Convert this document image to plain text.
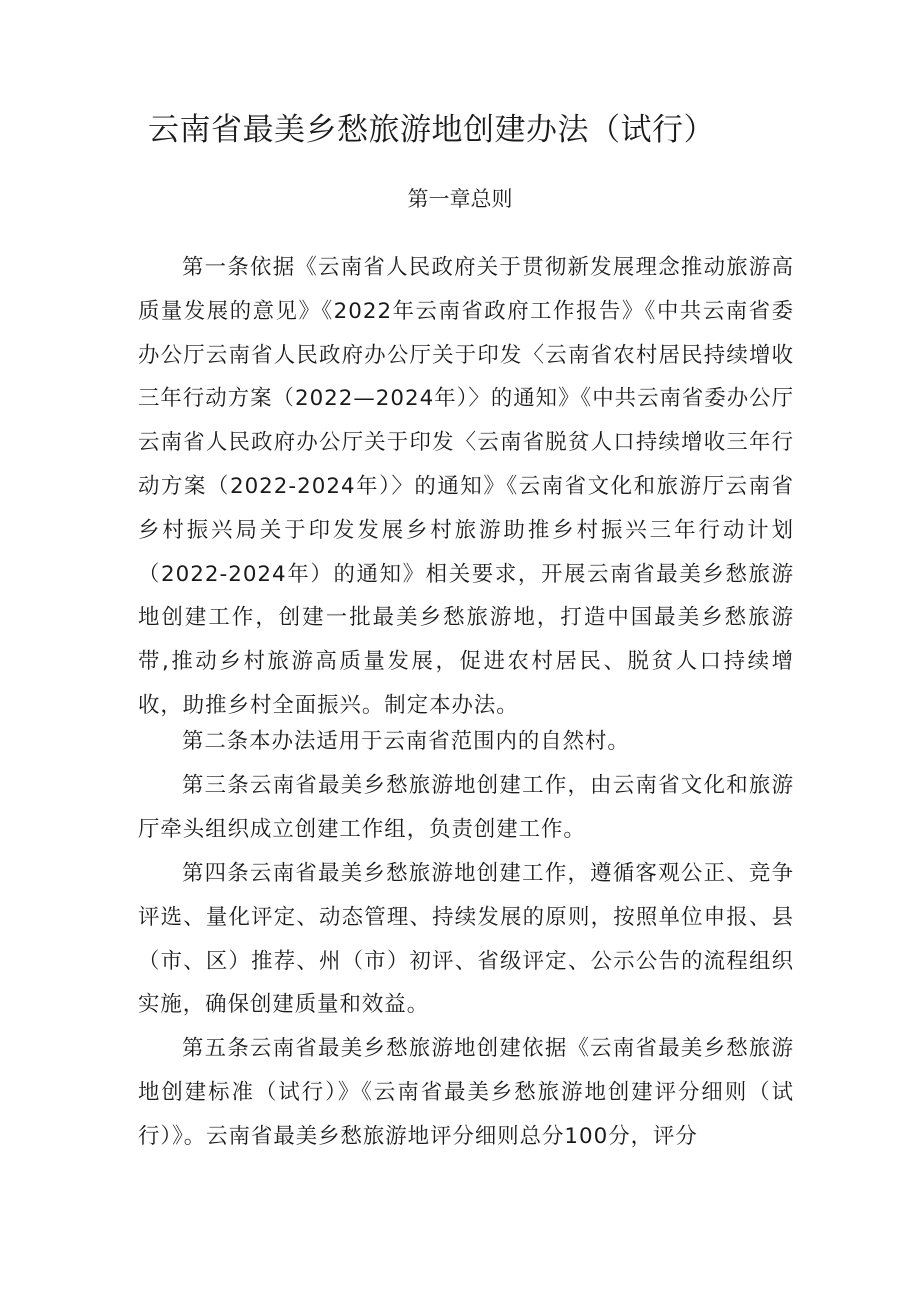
云南省最美乡愁旅游地创建办法（试行）
第一章总则

第一条依据《云南省人民政府关于贯彻新发展理念推动旅游高质量发展的意见》《2022年云南省政府工作报告》《中共云南省委办公厅云南省人民政府办公厅关于印发〈云南省农村居民持续增收三年行动方案（2022—2024年）〉的通知》《中共云南省委办公厅云南省人民政府办公厅关于印发〈云南省脱贫人口持续增收三年行动方案（2022-2024年）〉的通知》《云南省文化和旅游厅云南省乡村振兴局关于印发发展乡村旅游助推乡村振兴三年行动计划（2022-2024年）的通知》相关要求，开展云南省最美乡愁旅游地创建工作，创建一批最美乡愁旅游地，打造中国最美乡愁旅游带,推动乡村旅游高质量发展，促进农村居民、脱贫人口持续增收，助推乡村全面振兴。制定本办法。

第二条本办法适用于云南省范围内的自然村。

第三条云南省最美乡愁旅游地创建工作，由云南省文化和旅游厅牵头组织成立创建工作组，负责创建工作。

第四条云南省最美乡愁旅游地创建工作，遵循客观公正、竞争评选、量化评定、动态管理、持续发展的原则，按照单位申报、县（市、区）推荐、州（市）初评、省级评定、公示公告的流程组织实施，确保创建质量和效益。

第五条云南省最美乡愁旅游地创建依据《云南省最美乡愁旅游地创建标准（试行）》《云南省最美乡愁旅游地创建评分细则（试行）》。云南省最美乡愁旅游地评分细则总分100分，评分
